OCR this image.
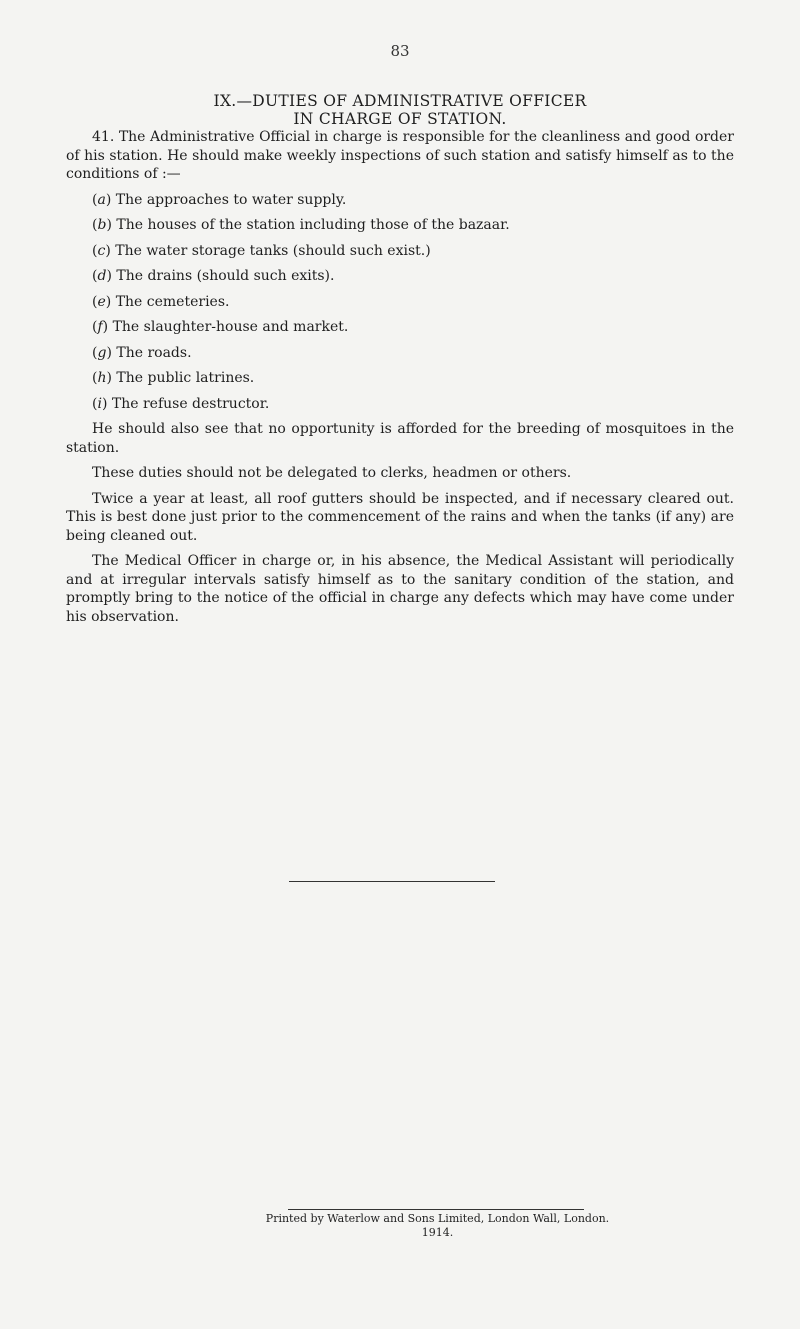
83
IX.—DUTIES OF ADMINISTRATIVE OFFICER
IN CHARGE OF STATION.

41. The Administrative Official in charge is responsible for the cleanliness and good order of his station. He should make weekly inspections of such station and satisfy himself as to the conditions of :—

(a) The approaches to water supply.
(b) The houses of the station including those of the bazaar.
(c) The water storage tanks (should such exist.)
(d) The drains (should such exits).
(e) The cemeteries.
(f) The slaughter-house and market.
(g) The roads.
(h) The public latrines.
(i) The refuse destructor.

He should also see that no opportunity is afforded for the breeding of mosquitoes in the station.

These duties should not be delegated to clerks, headmen or others.

Twice a year at least, all roof gutters should be inspected, and if necessary cleared out. This is best done just prior to the commencement of the rains and when the tanks (if any) are being cleaned out.

The Medical Officer in charge or, in his absence, the Medical Assistant will periodically and at irregular intervals satisfy himself as to the sanitary condition of the station, and promptly bring to the notice of the official in charge any defects which may have come under his observation.

Printed by Waterlow and Sons Limited, London Wall, London.
1914.
